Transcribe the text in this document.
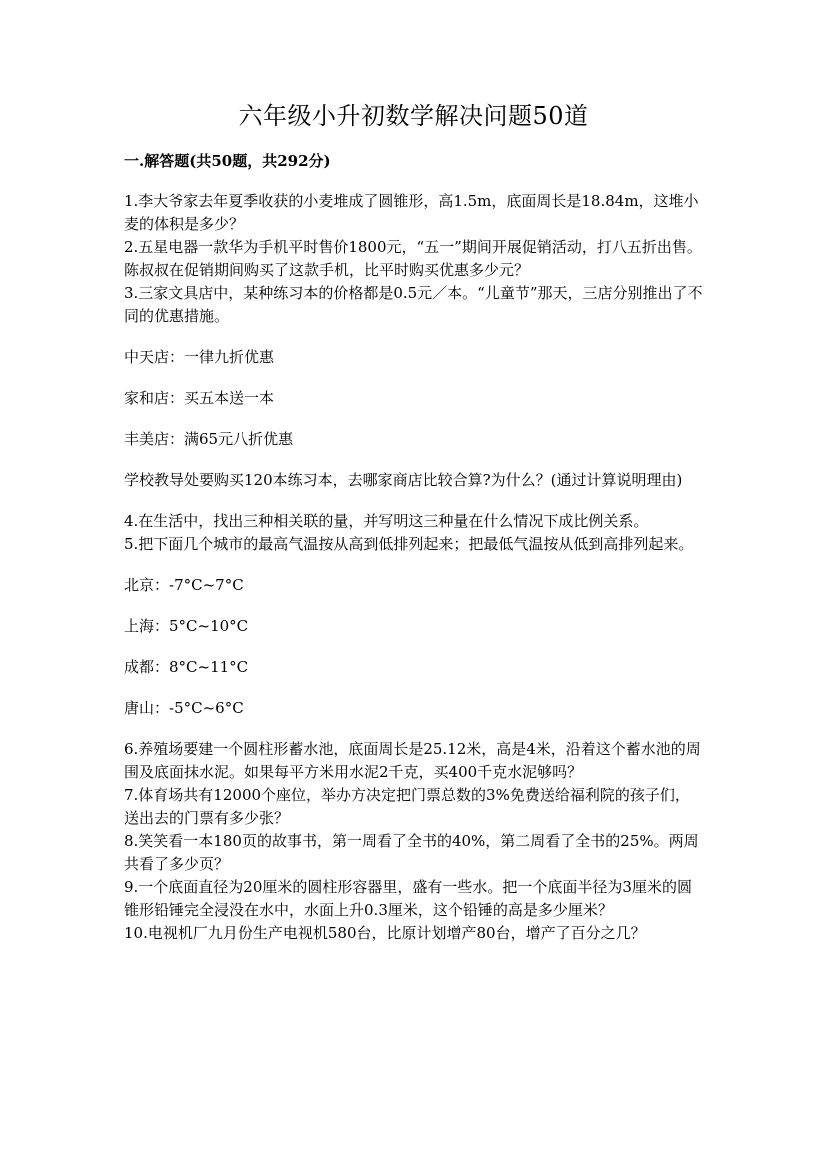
六年级小升初数学解决问题50道
一.解答题(共50题，共292分)

1.李大爷家去年夏季收获的小麦堆成了圆锥形，高1.5m，底面周长是18.84m，这堆小麦的体积是多少？

2.五星电器一款华为手机平时售价1800元，“五一”期间开展促销活动，打八五折出售。陈叔叔在促销期间购买了这款手机，比平时购买优惠多少元？

3.三家文具店中，某种练习本的价格都是0.5元／本。“儿童节”那天，三店分别推出了不同的优惠措施。

中天店：一律九折优惠

家和店：买五本送一本

丰美店：满65元八折优惠

学校教导处要购买120本练习本，去哪家商店比较合算?为什么？(通过计算说明理由)

4.在生活中，找出三种相关联的量，并写明这三种量在什么情况下成比例关系。

5.把下面几个城市的最高气温按从高到低排列起来；把最低气温按从低到高排列起来。

北京：-7°C~7°C

上海：5°C~10°C

成都：8°C~11°C

唐山：-5°C~6°C

6.养殖场要建一个圆柱形蓄水池，底面周长是25.12米，高是4米，沿着这个蓄水池的周围及底面抹水泥。如果每平方米用水泥2千克，买400千克水泥够吗？

7.体育场共有12000个座位，举办方决定把门票总数的3%免费送给福利院的孩子们，送出去的门票有多少张？

8.笑笑看一本180页的故事书，第一周看了全书的40%，第二周看了全书的25%。两周共看了多少页？

9.一个底面直径为20厘米的圆柱形容器里，盛有一些水。把一个底面半径为3厘米的圆锥形铅锤完全浸没在水中，水面上升0.3厘米，这个铅锤的高是多少厘米？

10.电视机厂九月份生产电视机580台，比原计划增产80台，增产了百分之几？
